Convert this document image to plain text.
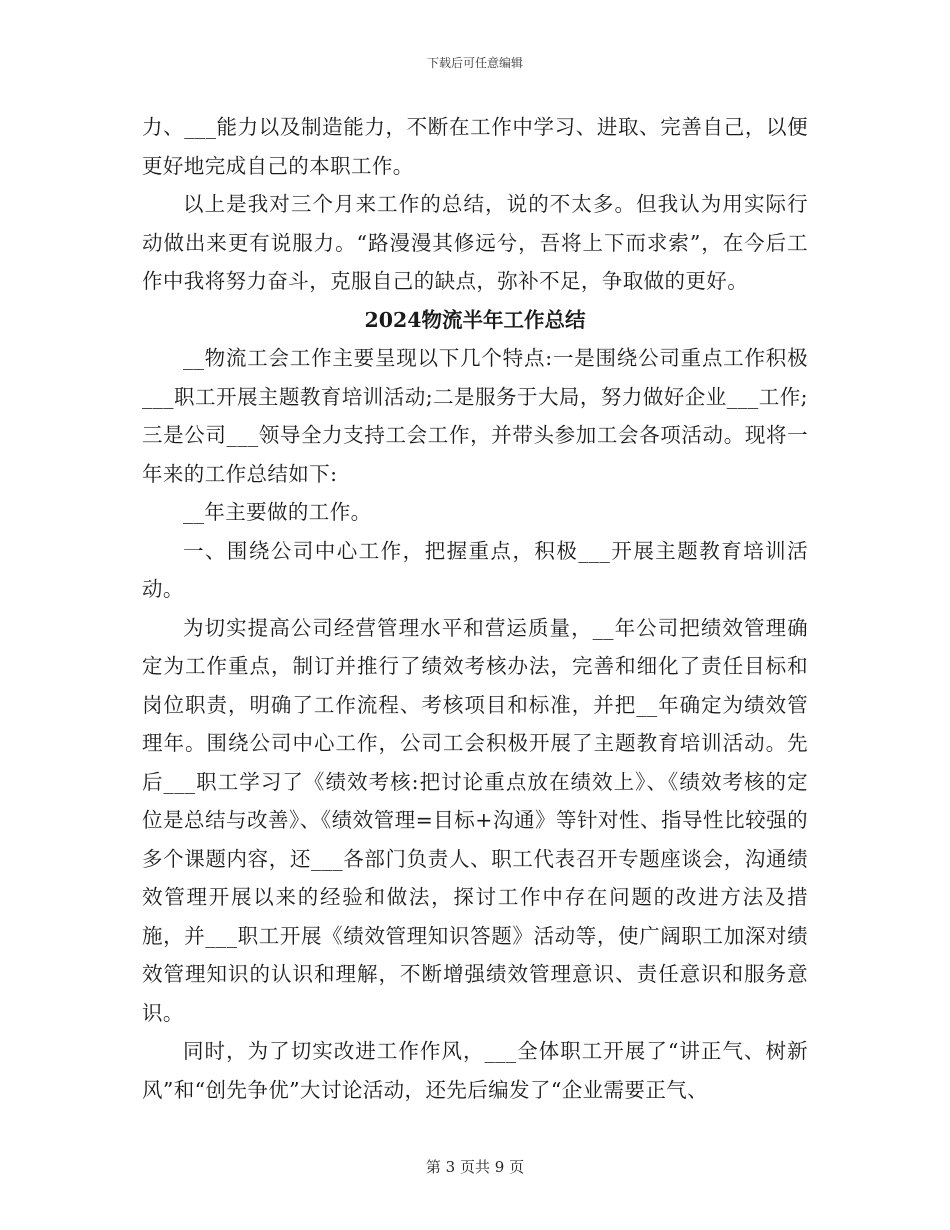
下载后可任意编辑

力、___能力以及制造能力，不断在工作中学习、进取、完善自己，以便更好地完成自己的本职工作。

以上是我对三个月来工作的总结，说的不太多。但我认为用实际行动做出来更有说服力。“路漫漫其修远兮，吾将上下而求索”，在今后工作中我将努力奋斗，克服自己的缺点，弥补不足，争取做的更好。

2024物流半年工作总结

__物流工会工作主要呈现以下几个特点:一是围绕公司重点工作积极___职工开展主题教育培训活动;二是服务于大局，努力做好企业___工作;三是公司___领导全力支持工会工作，并带头参加工会各项活动。现将一年来的工作总结如下:

__年主要做的工作。

一、围绕公司中心工作，把握重点，积极___开展主题教育培训活动。

为切实提高公司经营管理水平和营运质量，__年公司把绩效管理确定为工作重点，制订并推行了绩效考核办法，完善和细化了责任目标和岗位职责，明确了工作流程、考核项目和标准，并把__年确定为绩效管理年。围绕公司中心工作，公司工会积极开展了主题教育培训活动。先后___职工学习了《绩效考核:把讨论重点放在绩效上》、《绩效考核的定位是总结与改善》、《绩效管理=目标+沟通》等针对性、指导性比较强的多个课题内容，还___各部门负责人、职工代表召开专题座谈会，沟通绩效管理开展以来的经验和做法，探讨工作中存在问题的改进方法及措施，并___职工开展《绩效管理知识答题》活动等，使广阔职工加深对绩效管理知识的认识和理解，不断增强绩效管理意识、责任意识和服务意识。

同时，为了切实改进工作作风，___全体职工开展了“讲正气、树新风”和“创先争优”大讨论活动，还先后编发了“企业需要正气、

第 3 页共 9 页
